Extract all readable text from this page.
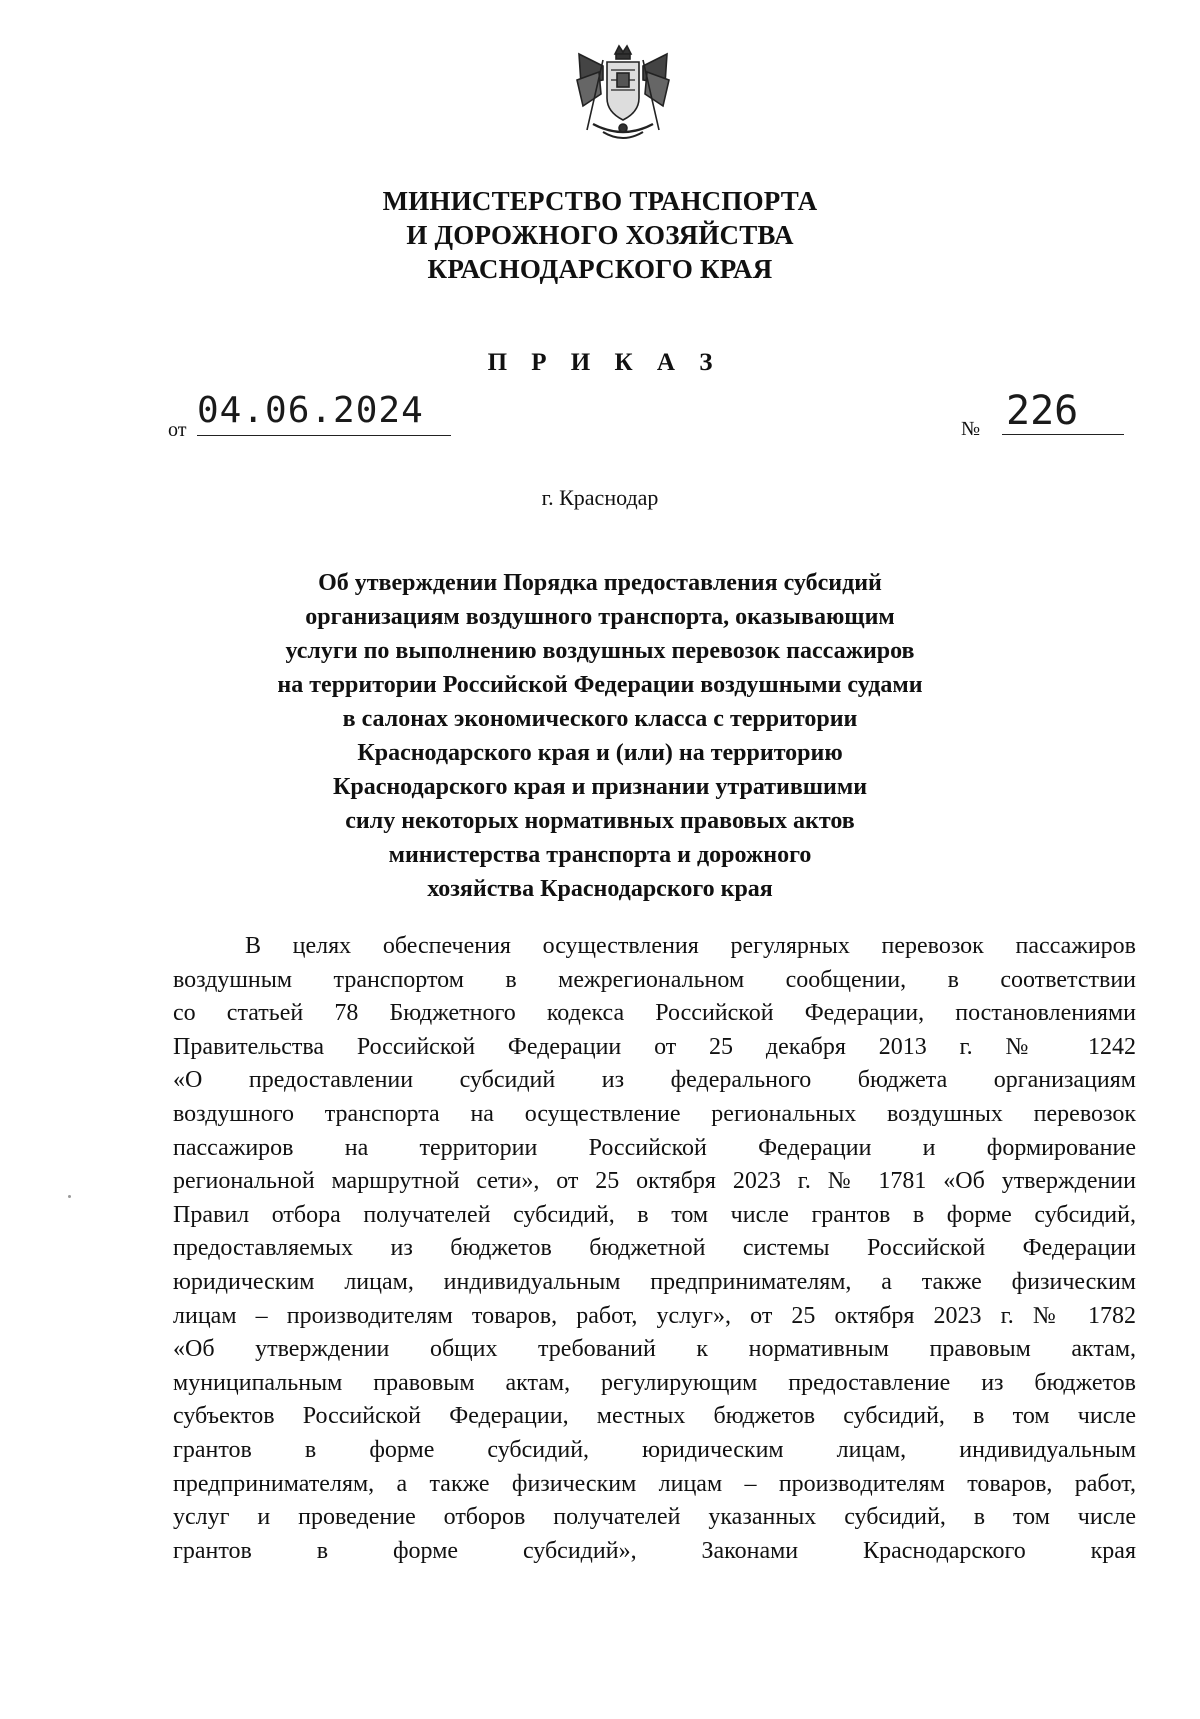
МИНИСТЕРСТВО ТРАНСПОРТА
И ДОРОЖНОГО ХОЗЯЙСТВА
КРАСНОДАРСКОГО КРАЯ
П Р И К А З
от 04.06.2024	№ 226
г. Краснодар
Об утверждении Порядка предоставления субсидий
организациям воздушного транспорта, оказывающим
услуги по выполнению воздушных перевозок пассажиров
на территории Российской Федерации воздушными судами
в салонах экономического класса с территории
Краснодарского края и (или) на территорию
Краснодарского края и признании утратившими
силу некоторых нормативных правовых актов
министерства транспорта и дорожного
хозяйства Краснодарского края
В целях обеспечения осуществления регулярных перевозок пассажиров
воздушным транспортом в межрегиональном сообщении, в соответствии
со статьей 78 Бюджетного кодекса Российской Федерации, постановлениями
Правительства Российской Федерации от 25 декабря 2013 г. № 1242
«О предоставлении субсидий из федерального бюджета организациям
воздушного транспорта на осуществление региональных воздушных перевозок
пассажиров на территории Российской Федерации и формирование
региональной маршрутной сети», от 25 октября 2023 г. № 1781 «Об утверждении
Правил отбора получателей субсидий, в том числе грантов в форме субсидий,
предоставляемых из бюджетов бюджетной системы Российской Федерации
юридическим лицам, индивидуальным предпринимателям, а также физическим
лицам – производителям товаров, работ, услуг», от 25 октября 2023 г. № 1782
«Об утверждении общих требований к нормативным правовым актам,
муниципальным правовым актам, регулирующим предоставление из бюджетов
субъектов Российской Федерации, местных бюджетов субсидий, в том числе
грантов в форме субсидий, юридическим лицам, индивидуальным
предпринимателям, а также физическим лицам – производителям товаров, работ,
услуг и проведение отборов получателей указанных субсидий, в том числе
грантов в форме субсидий», Законами Краснодарского края
